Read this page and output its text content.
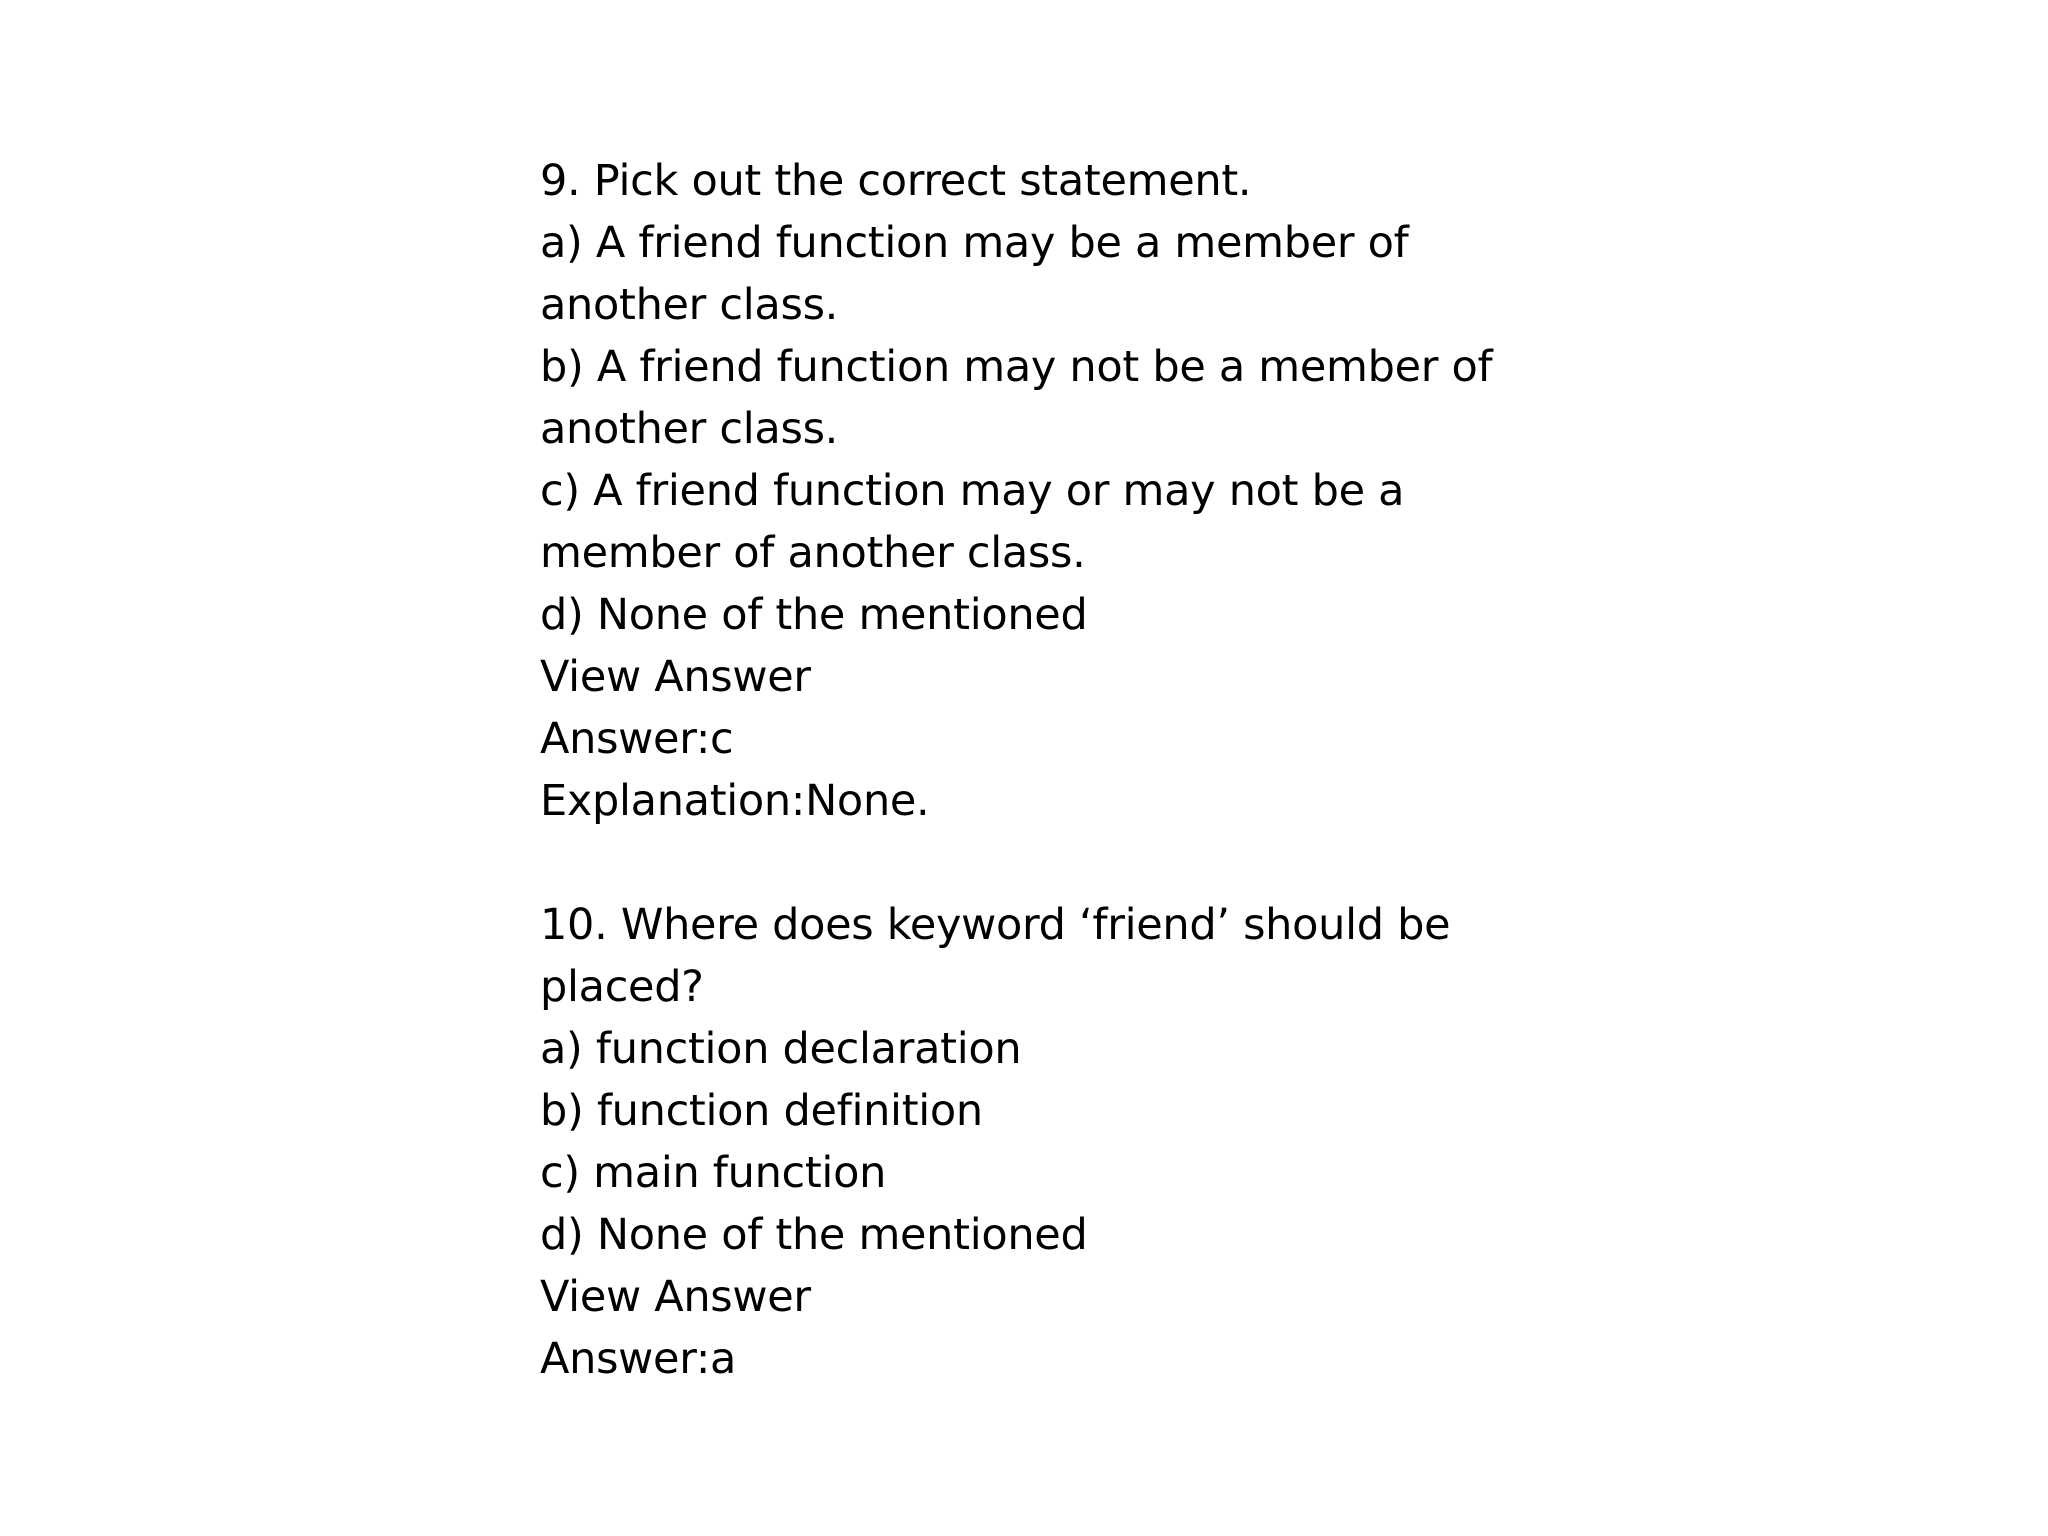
9. Pick out the correct statement.
a) A friend function may be a member of
another class.
b) A friend function may not be a member of
another class.
c) A friend function may or may not be a
member of another class.
d) None of the mentioned
View Answer
Answer:c
Explanation:None.
10. Where does keyword ‘friend’ should be
placed?
a) function declaration
b) function definition
c) main function
d) None of the mentioned
View Answer
Answer:a
